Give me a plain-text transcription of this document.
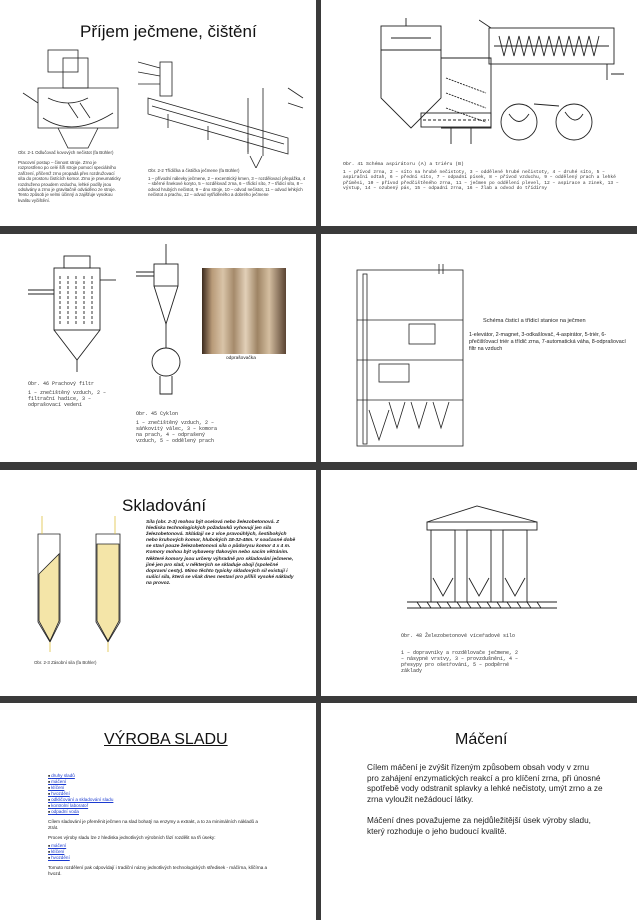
Příjem ječmene, čištění
Obr. 2-1 Odlučovač kovových nečistot (fa Bühler)
Pracovní postup – činnost stroje. Zrno je rozprostřeno po celé šíři stroje pomocí speciálního zařízení, přičemž zrno propadá přes rozdružovací síta do prostoru čistících komor. Zrno je pneumaticky rozdruženo proudem vzduchu, lehké podíly jsou odsávány a zrno je gravitačně odváděno ze stroje. Tento způsob je velmi účinný a zajišťuje vysokou kvalitu vyčištění.
Obr. 2-2 Třídička a čistička ječmene (fa Bühler)
1 – přívodní nálevky ječmene, 2 – excentrický kmen, 3 – rozdělovací přepážka, 4 – sběrné šnekové koryto, 5 – rozdělovač zrna, 6 – třídicí síto, 7 – třídicí síto, 8 – odvod hrubých nečistot, 9 – dno stroje, 10 – odvod nečistot, 11 – odvod lehkých nečistot a prachu, 12 – odvod vytříděného a dobrého ječmene
Obr. 41 Schéma aspirátoru (A) a triéru (B)
1 – přívod zrna, 2 – síto na hrubé nečistoty, 3 – oddělené hrubé nečistoty, 4 – druhé síto, 5 – aspirační odtah, 6 – přední síto, 7 – odpadní písek, 8 – přívod vzduchu, 9 – oddělený prach a lehké příměsi, 10 – přívod předčištěného zrna, 11 – ječmen po oddělení plevel, 12 – aspirace a zinek, 13 – výstup, 14 – ozubený pás, 15 – odpadní zrna, 16 – žlab a odvod do třídírny
Obr. 46 Prachový filtr
1 – znečištěný vzduch, 2 – filtrační hadice, 3 – odprašovací vedení
odprašovačka
Obr. 45 Cyklon
1 – znečištěný vzduch, 2 – sáňkovitý válec, 3 – komora na prach, 4 – odprašený vzduch, 5 – oddělený prach
Schéma čisticí a třídicí stanice na ječmen
1-elevátor, 2-magnet, 3-odkašlovač, 4-aspirátor, 5-triér, 6-přečišťovací triér a třídič zrna, 7-automatická váha, 8-odprašovací filtr na vzduch
Skladování
Obr. 2-3 Zásobní sila (fa Bühler)
Sila (obr. 2-3) mohou být ocelová nebo železobetonová. Z hlediska technologických požadavků vyhovují jen sila železobetonová. Skládají se z více pravoúhlých, šestibokých nebo kruhových komor, hlubokých 18-32-45m. V současné době se staví pouze železobetonová sila o půdorysu komor 4 x 4 m. Komory mohou být vybaveny tlakovým nebo sacím větráním. Některé komory jsou určeny výhradně pro skladování ječmene, jiné jen pro slad, v některých se skladuje obojí (společné dopravní cesty). Mimo těchto typicky skladových sil existují i sušicí sila, která se však dnes nestaví pro příliš vysoké náklady na provoz.
Obr. 48 Železobetonové víceřadové silo
1 – dopravníky a rozdělovače ječmene, 2 – násypné vrstvy, 3 – provzdušnění, 4 – přesypy pro ošetřování, 5 – podpěrné základy
VÝROBA SLADU
■ druhy sladů
■ máčení
■ klíčení
■ hvozdění
■ odkličování a skladování sladu
■ kontrolní laboratoř
■ odpadní voda
Cílem sladování je přeměnit ječmen na slad bohatý na enzymy a extrakt, a to za minimálních nákladů a ztrát.
Proces výroby sladu lze z hlediska jednotlivých výrobních fází rozdělit na tři úseky:
■ máčení
■ klíčení
■ hvozdění
Tomuto rozdělení pak odpovídají i tradiční názvy jednotlivých technologických středisek - máčírna, klíčírna a hvozd.
Máčení
Cílem máčení je zvýšit řízeným způsobem obsah vody v zrnu pro zahájení enzymatických reakcí a pro klíčení zrna, při únosné spotřebě vody odstranit splavky a lehké nečistoty, umýt zrno a ze zrna vyloužit nežádoucí látky.
Máčení dnes považujeme za nejdůležitější úsek výroby sladu, který rozhoduje o jeho budoucí kvalitě.
